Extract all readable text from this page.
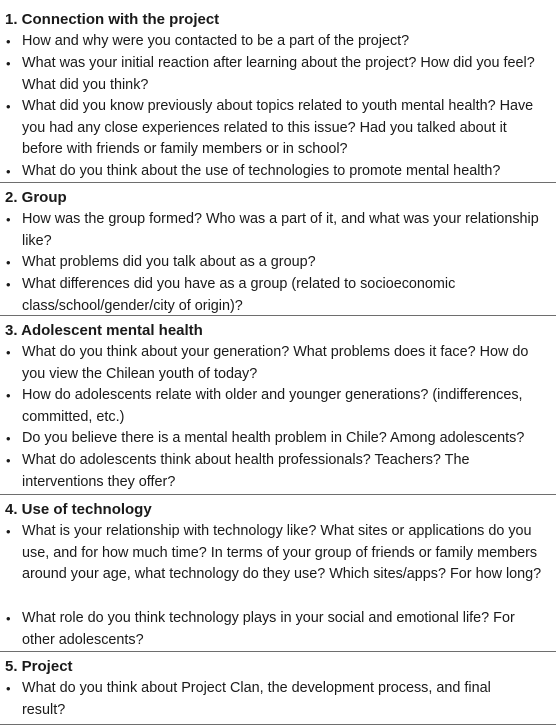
1. Connection with the project
• How and why were you contacted to be a part of the project?
• What was your initial reaction after learning about the project? How did you feel? What did you think?
• What did you know previously about topics related to youth mental health? Have you had any close experiences related to this issue? Had you talked about it before with friends or family members or in school?
• What do you think about the use of technologies to promote mental health?
2. Group
• How was the group formed? Who was a part of it, and what was your relationship like?
• What problems did you talk about as a group?
• What differences did you have as a group (related to socioeconomic class/school/gender/city of origin)?
3. Adolescent mental health
• What do you think about your generation? What problems does it face? How do you view the Chilean youth of today?
• How do adolescents relate with older and younger generations? (indifferences, committed, etc.)
• Do you believe there is a mental health problem in Chile? Among adolescents?
• What do adolescents think about health professionals? Teachers? The interventions they offer?
4. Use of technology
• What is your relationship with technology like? What sites or applications do you use, and for how much time? In terms of your group of friends or family members around your age, what technology do they use? Which sites/apps? For how long?
• What role do you think technology plays in your social and emotional life? For other adolescents?
5. Project
• What do you think about Project Clan, the development process, and final result?
